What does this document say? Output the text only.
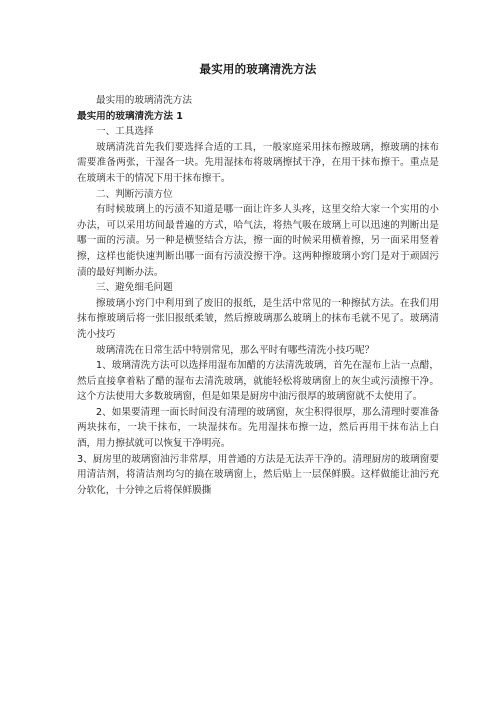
最实用的玻璃清洗方法

最实用的玻璃清洗方法

最实用的玻璃清洗方法 1

一、工具选择

玻璃清洗首先我们要选择合适的工具，一般家庭采用抹布擦玻璃，擦玻璃的抹布需要准备两张，干湿各一块。先用湿抹布将玻璃擦拭干净，在用干抹布擦干。重点是在玻璃未干的情况下用干抹布擦干。

二、判断污渍方位

有时候玻璃上的污渍不知道是哪一面让许多人头疼，这里交给大家一个实用的小办法，可以采用坊间最普遍的方式，哈气法，将热气吸在玻璃上可以迅速的判断出是哪一面的污渍。另一种是横竖结合方法，擦一面的时候采用横着擦，另一面采用竖着擦，这样也能快速判断出哪一面有污渍没擦干净。这两种擦玻璃小窍门是对于顽固污渍的最好判断办法。

三、避免细毛问题

擦玻璃小窍门中利用到了废旧的报纸，是生活中常见的一种擦拭方法。在我们用抹布擦玻璃后将一张旧报纸柔皱，然后擦玻璃那么玻璃上的抹布毛就不见了。玻璃清洗小技巧

玻璃清洗在日常生活中特别常见，那么平时有哪些清洗小技巧呢？

1、玻璃清洗方法可以选择用湿布加醋的方法清洗玻璃，首先在湿布上沾一点醋，然后直接拿着粘了醋的湿布去清洗玻璃，就能轻松将玻璃窗上的灰尘或污渍擦干净。这个方法使用大多数玻璃窗，但是如果是厨房中油污很厚的玻璃窗就不太使用了。

2、如果要清理一面长时间没有清理的玻璃窗，灰尘积得很厚，那么清理时要准备两块抹布，一块干抹布，一块湿抹布。先用湿抹布擦一边，然后再用干抹布沾上白酒，用力擦拭就可以恢复干净明亮。

3、厨房里的玻璃窗油污非常厚，用普通的方法是无法弄干净的。清理厨房的玻璃窗要用清洁剂，将清洁剂均匀的搞在玻璃窗上，然后贴上一层保鲜膜。这样做能让油污充分软化，十分钟之后将保鲜膜撕
